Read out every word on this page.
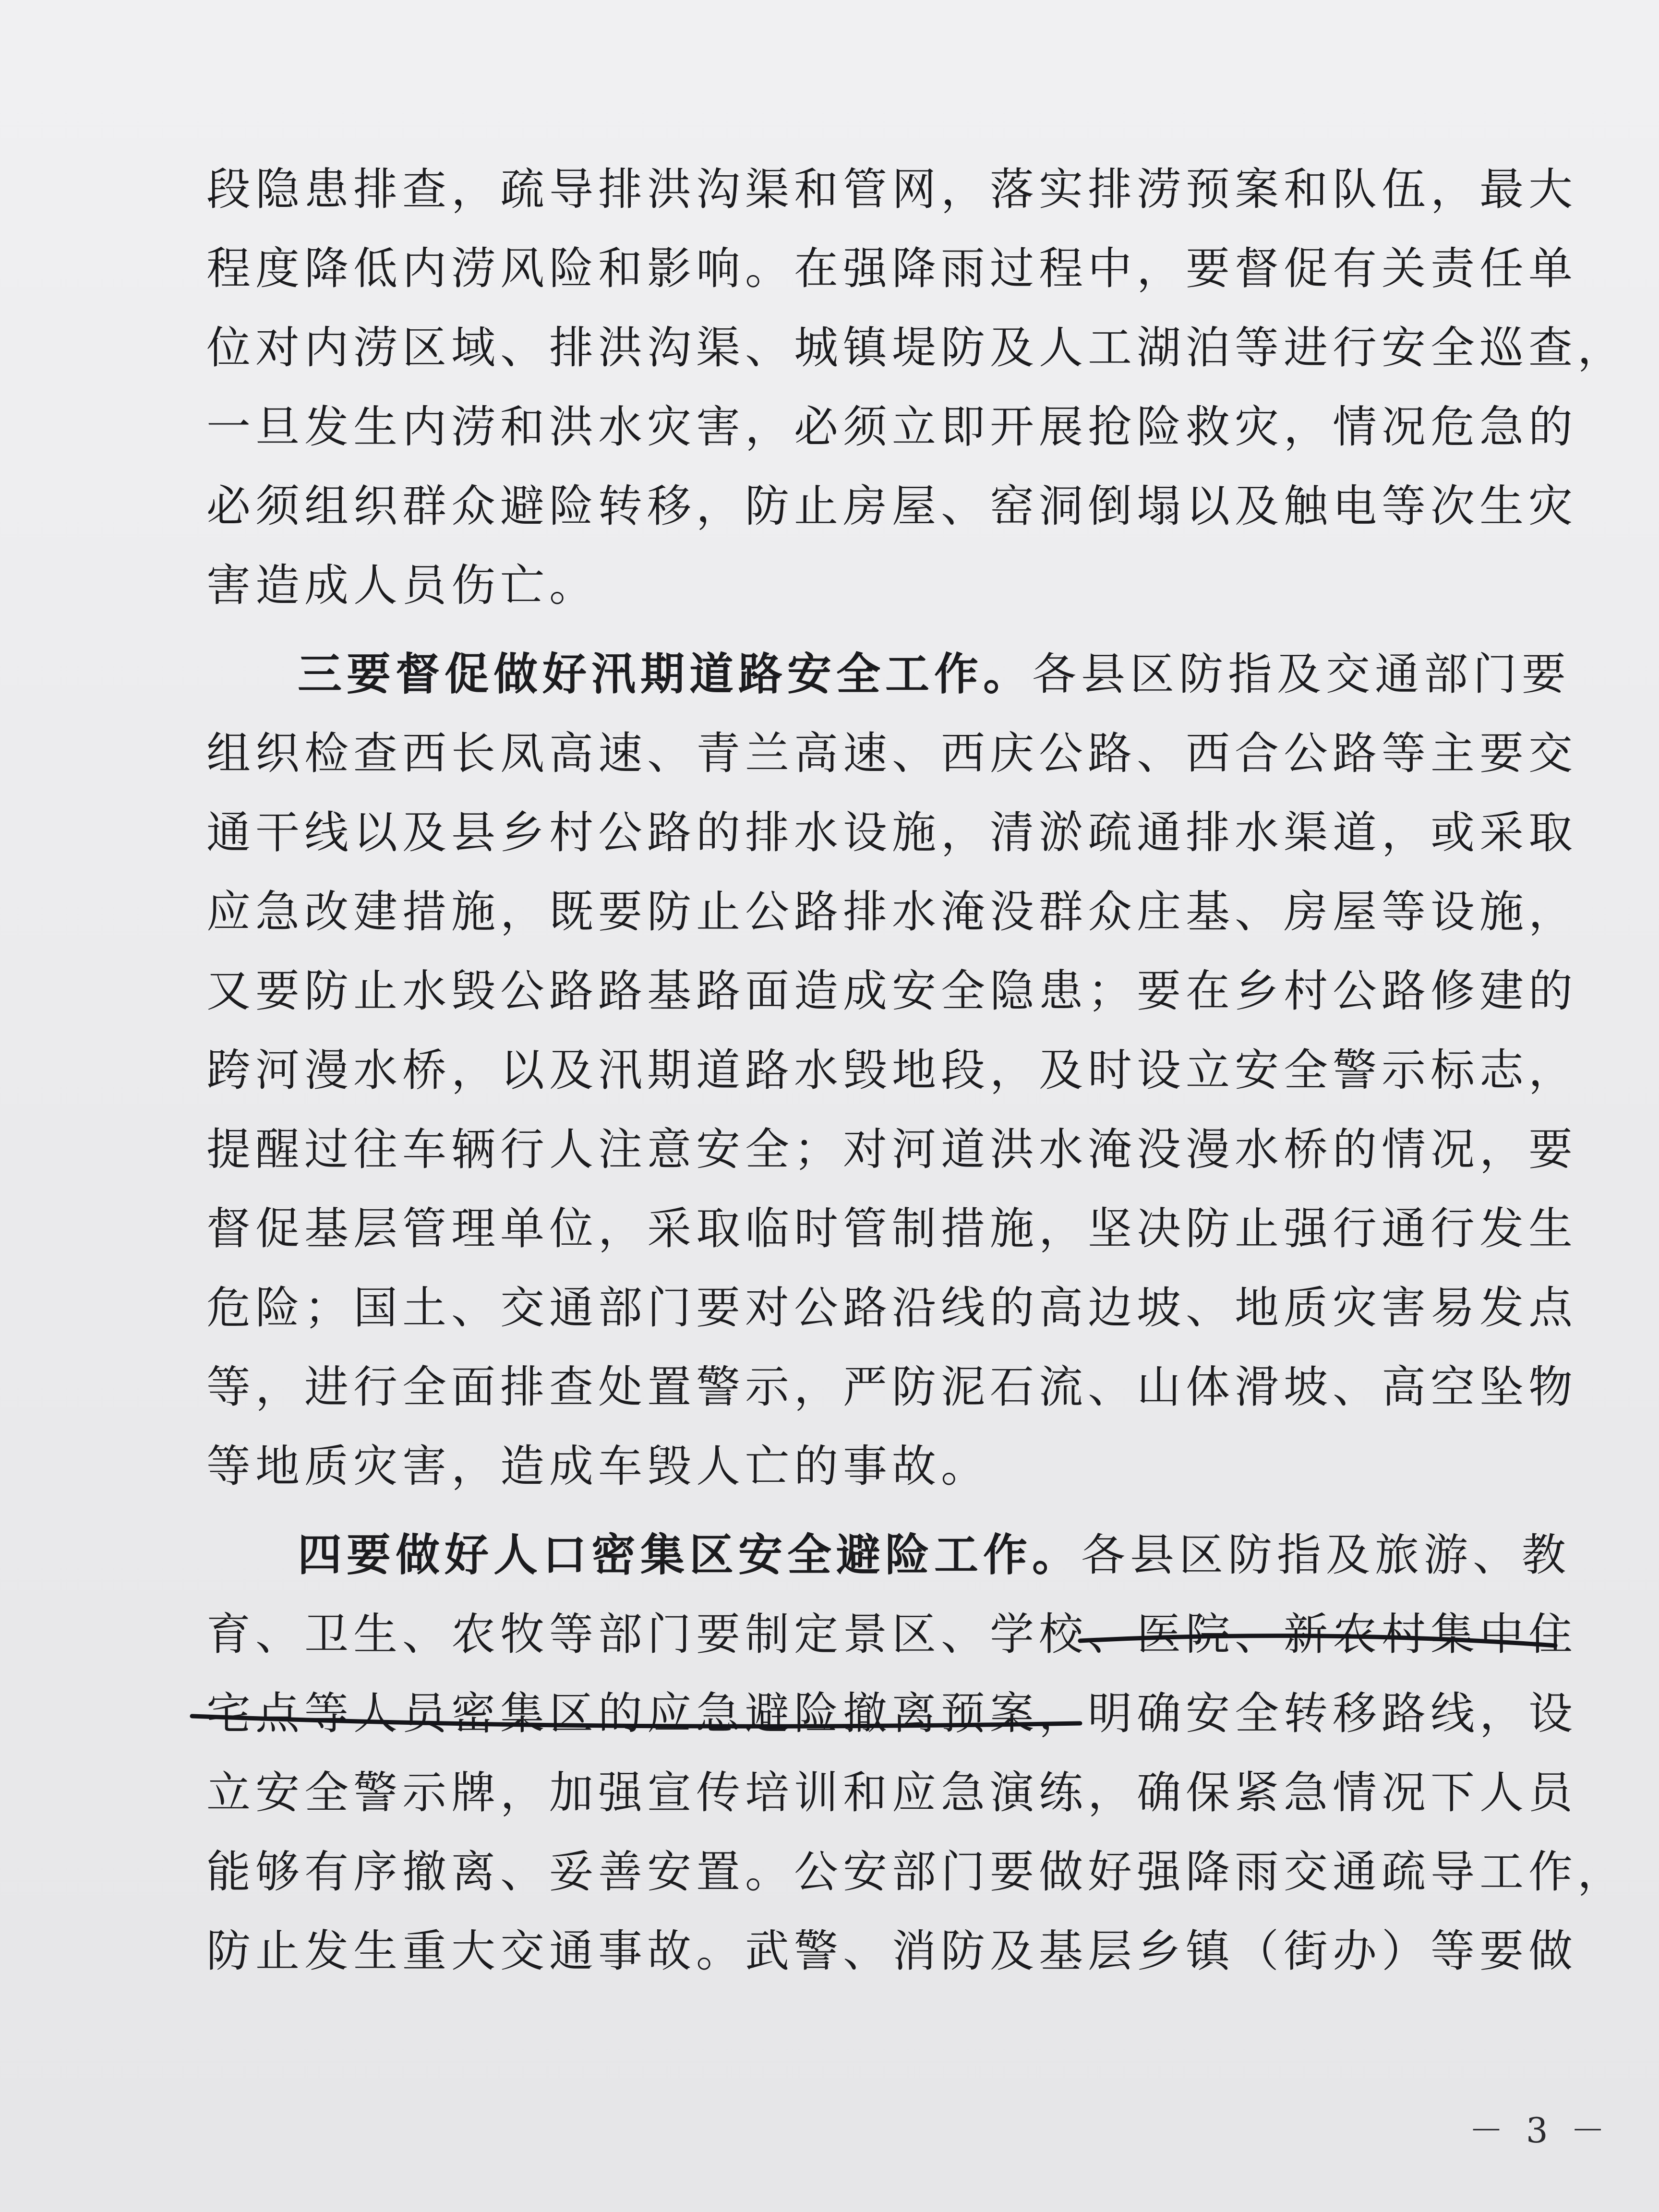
段隐患排查，疏导排洪沟渠和管网，落实排涝预案和队伍，最大
程度降低内涝风险和影响。在强降雨过程中，要督促有关责任单
位对内涝区域、排洪沟渠、城镇堤防及人工湖泊等进行安全巡查，
一旦发生内涝和洪水灾害，必须立即开展抢险救灾，情况危急的
必须组织群众避险转移，防止房屋、窑洞倒塌以及触电等次生灾
害造成人员伤亡。
三要督促做好汛期道路安全工作。各县区防指及交通部门要
组织检查西长凤高速、青兰高速、西庆公路、西合公路等主要交
通干线以及县乡村公路的排水设施，清淤疏通排水渠道，或采取
应急改建措施，既要防止公路排水淹没群众庄基、房屋等设施，
又要防止水毁公路路基路面造成安全隐患；要在乡村公路修建的
跨河漫水桥，以及汛期道路水毁地段，及时设立安全警示标志，
提醒过往车辆行人注意安全；对河道洪水淹没漫水桥的情况，要
督促基层管理单位，采取临时管制措施，坚决防止强行通行发生
危险；国土、交通部门要对公路沿线的高边坡、地质灾害易发点
等，进行全面排查处置警示，严防泥石流、山体滑坡、高空坠物
等地质灾害，造成车毁人亡的事故。
四要做好人口密集区安全避险工作。各县区防指及旅游、教
育、卫生、农牧等部门要制定景区、学校、医院、新农村集中住
宅点等人员密集区的应急避险撤离预案，明确安全转移路线，设
立安全警示牌，加强宣传培训和应急演练，确保紧急情况下人员
能够有序撤离、妥善安置。公安部门要做好强降雨交通疏导工作，
防止发生重大交通事故。武警、消防及基层乡镇（街办）等要做
－ 3 －
